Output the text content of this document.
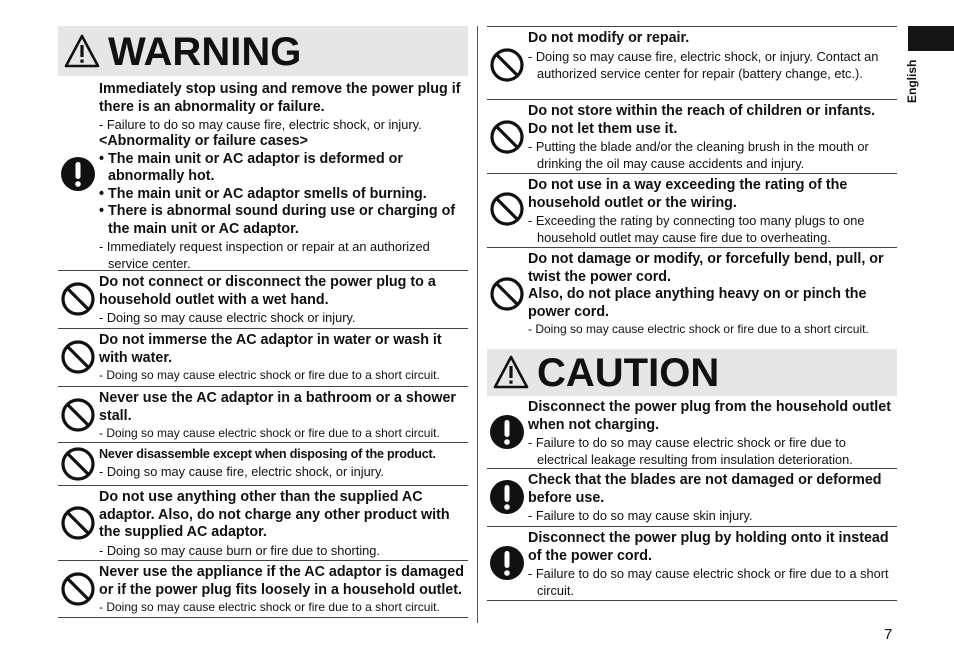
WARNING
Immediately stop using and remove the power plug if there is an abnormality or failure.
- Failure to do so may cause fire, electric shock, or injury.
<Abnormality or failure cases>
• The main unit or AC adaptor is deformed or abnormally hot.
• The main unit or AC adaptor smells of burning.
• There is abnormal sound during use or charging of the main unit or AC adaptor.
- Immediately request inspection or repair at an authorized service center.
Do not connect or disconnect the power plug to a household outlet with a wet hand.
- Doing so may cause electric shock or injury.
Do not immerse the AC adaptor in water or wash it with water.
- Doing so may cause electric shock or fire due to a short circuit.
Never use the AC adaptor in a bathroom or a shower stall.
- Doing so may cause electric shock or fire due to a short circuit.
Never disassemble except when disposing of the product.
- Doing so may cause fire, electric shock, or injury.
Do not use anything other than the supplied AC adaptor. Also, do not charge any other product with the supplied AC adaptor.
- Doing so may cause burn or fire due to shorting.
Never use the appliance if the AC adaptor is damaged or if the power plug fits loosely in a household outlet.
- Doing so may cause electric shock or fire due to a short circuit.
Do not modify or repair.
- Doing so may cause fire, electric shock, or injury. Contact an authorized service center for repair (battery change, etc.).
Do not store within the reach of children or infants. Do not let them use it.
- Putting the blade and/or the cleaning brush in the mouth or drinking the oil may cause accidents and injury.
Do not use in a way exceeding the rating of the household outlet or the wiring.
- Exceeding the rating by connecting too many plugs to one household outlet may cause fire due to overheating.
Do not damage or modify, or forcefully bend, pull, or twist the power cord.
Also, do not place anything heavy on or pinch the power cord.
- Doing so may cause electric shock or fire due to a short circuit.
CAUTION
Disconnect the power plug from the household outlet when not charging.
- Failure to do so may cause electric shock or fire due to electrical leakage resulting from insulation deterioration.
Check that the blades are not damaged or deformed before use.
- Failure to do so may cause skin injury.
Disconnect the power plug by holding onto it instead of the power cord.
- Failure to do so may cause electric shock or fire due to a short circuit.
English
7
